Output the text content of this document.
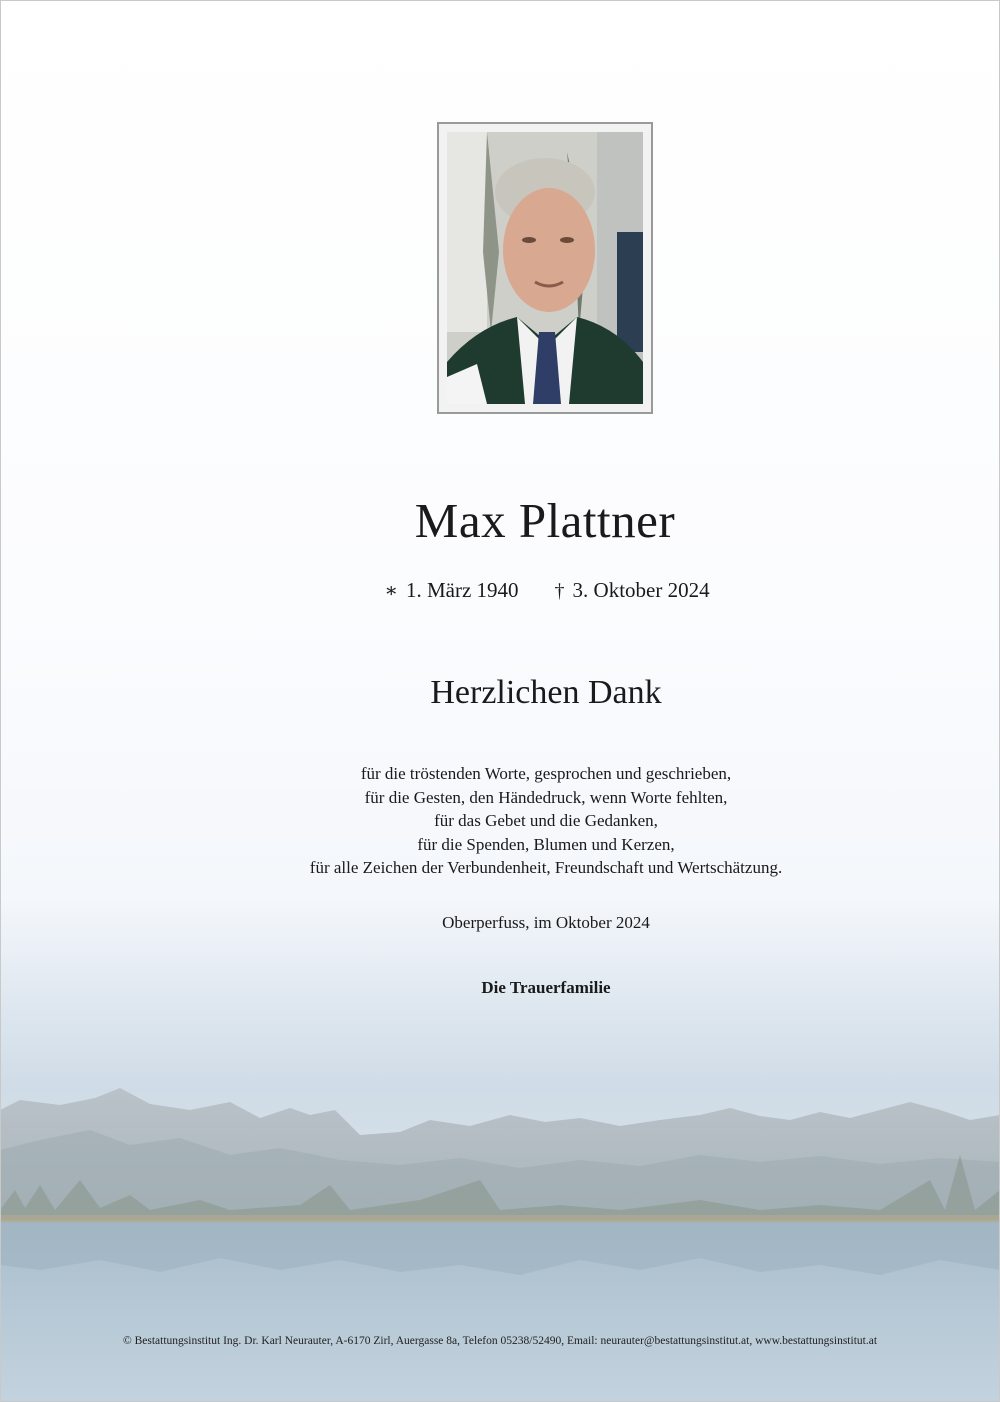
Max Plattner
∗ 1. März 1940 † 3. Oktober 2024
Herzlichen Dank
für die tröstenden Worte, gesprochen und geschrieben,
für die Gesten, den Händedruck, wenn Worte fehlten,
für das Gebet und die Gedanken,
für die Spenden, Blumen und Kerzen,
für alle Zeichen der Verbundenheit, Freundschaft und Wertschätzung.
Oberperfuss, im Oktober 2024
Die Trauerfamilie
© Bestattungsinstitut Ing. Dr. Karl Neurauter, A-6170 Zirl, Auergasse 8a, Telefon 05238/52490, Email: neurauter@bestattungsinstitut.at, www.bestattungsinstitut.at
